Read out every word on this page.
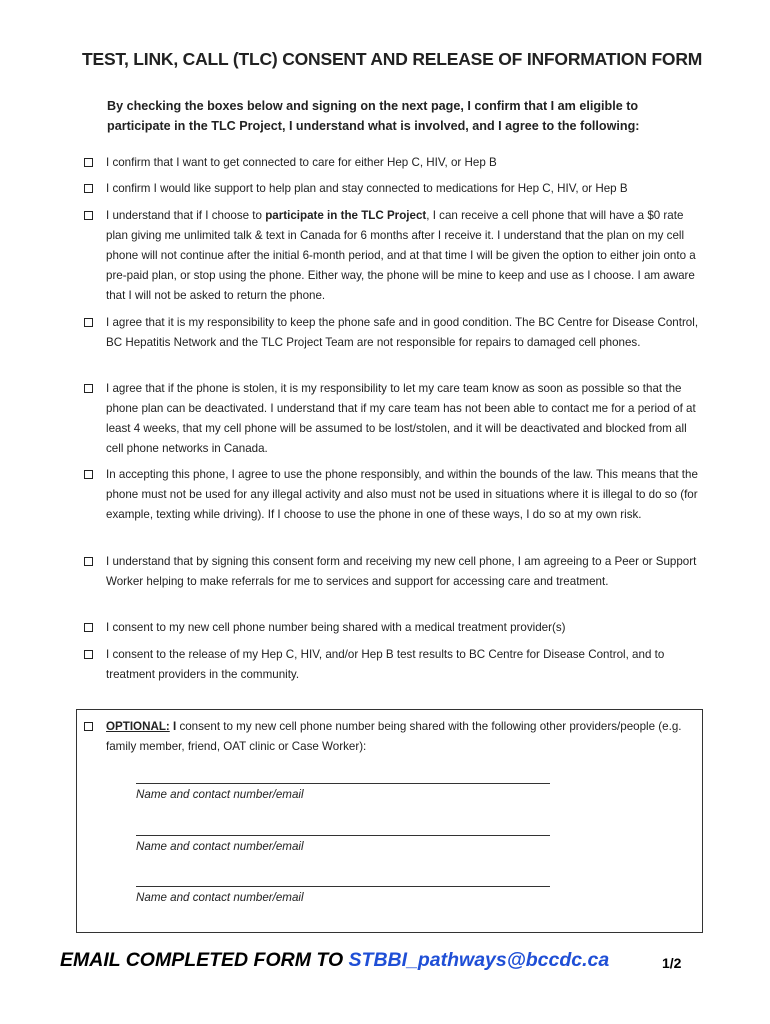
TEST, LINK, CALL (TLC) CONSENT AND RELEASE OF INFORMATION FORM
By checking the boxes below and signing on the next page, I confirm that I am eligible to participate in the TLC Project, I understand what is involved, and I agree to the following:
I confirm that I want to get connected to care for either Hep C, HIV, or Hep B
I confirm I would like support to help plan and stay connected to medications for Hep C, HIV, or Hep B
I understand that if I choose to participate in the TLC Project, I can receive a cell phone that will have a $0 rate plan giving me unlimited talk & text in Canada for 6 months after I receive it. I understand that the plan on my cell phone will not continue after the initial 6-month period, and at that time I will be given the option to either join onto a pre-paid plan, or stop using the phone. Either way, the phone will be mine to keep and use as I choose. I am aware that I will not be asked to return the phone.
I agree that it is my responsibility to keep the phone safe and in good condition. The BC Centre for Disease Control, BC Hepatitis Network and the TLC Project Team are not responsible for repairs to damaged cell phones.
I agree that if the phone is stolen, it is my responsibility to let my care team know as soon as possible so that the phone plan can be deactivated. I understand that if my care team has not been able to contact me for a period of at least 4 weeks, that my cell phone will be assumed to be lost/stolen, and it will be deactivated and blocked from all cell phone networks in Canada.
In accepting this phone, I agree to use the phone responsibly, and within the bounds of the law. This means that the phone must not be used for any illegal activity and also must not be used in situations where it is illegal to do so (for example, texting while driving). If I choose to use the phone in one of these ways, I do so at my own risk.
I understand that by signing this consent form and receiving my new cell phone, I am agreeing to a Peer or Support Worker helping to make referrals for me to services and support for accessing care and treatment.
I consent to my new cell phone number being shared with a medical treatment provider(s)
I consent to the release of my Hep C, HIV, and/or Hep B test results to BC Centre for Disease Control, and to treatment providers in the community.
OPTIONAL: I consent to my new cell phone number being shared with the following other providers/people (e.g. family member, friend, OAT clinic or Case Worker):
Name and contact number/email
Name and contact number/email
Name and contact number/email
EMAIL COMPLETED FORM TO STBBI_pathways@bccdc.ca	1/2
